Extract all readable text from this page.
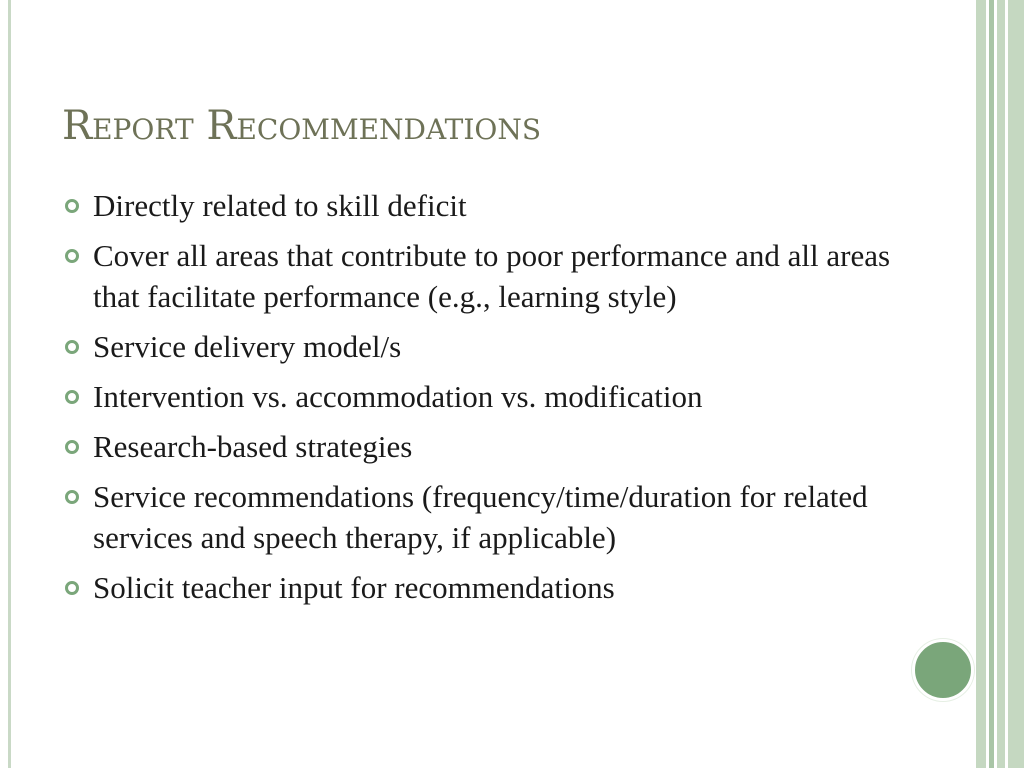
Report Recommendations
Directly related to skill deficit
Cover all areas that contribute to poor performance and all areas that facilitate performance (e.g., learning style)
Service delivery model/s
Intervention vs. accommodation vs. modification
Research-based strategies
Service recommendations (frequency/time/duration for related services and speech therapy, if applicable)
Solicit teacher input for recommendations
